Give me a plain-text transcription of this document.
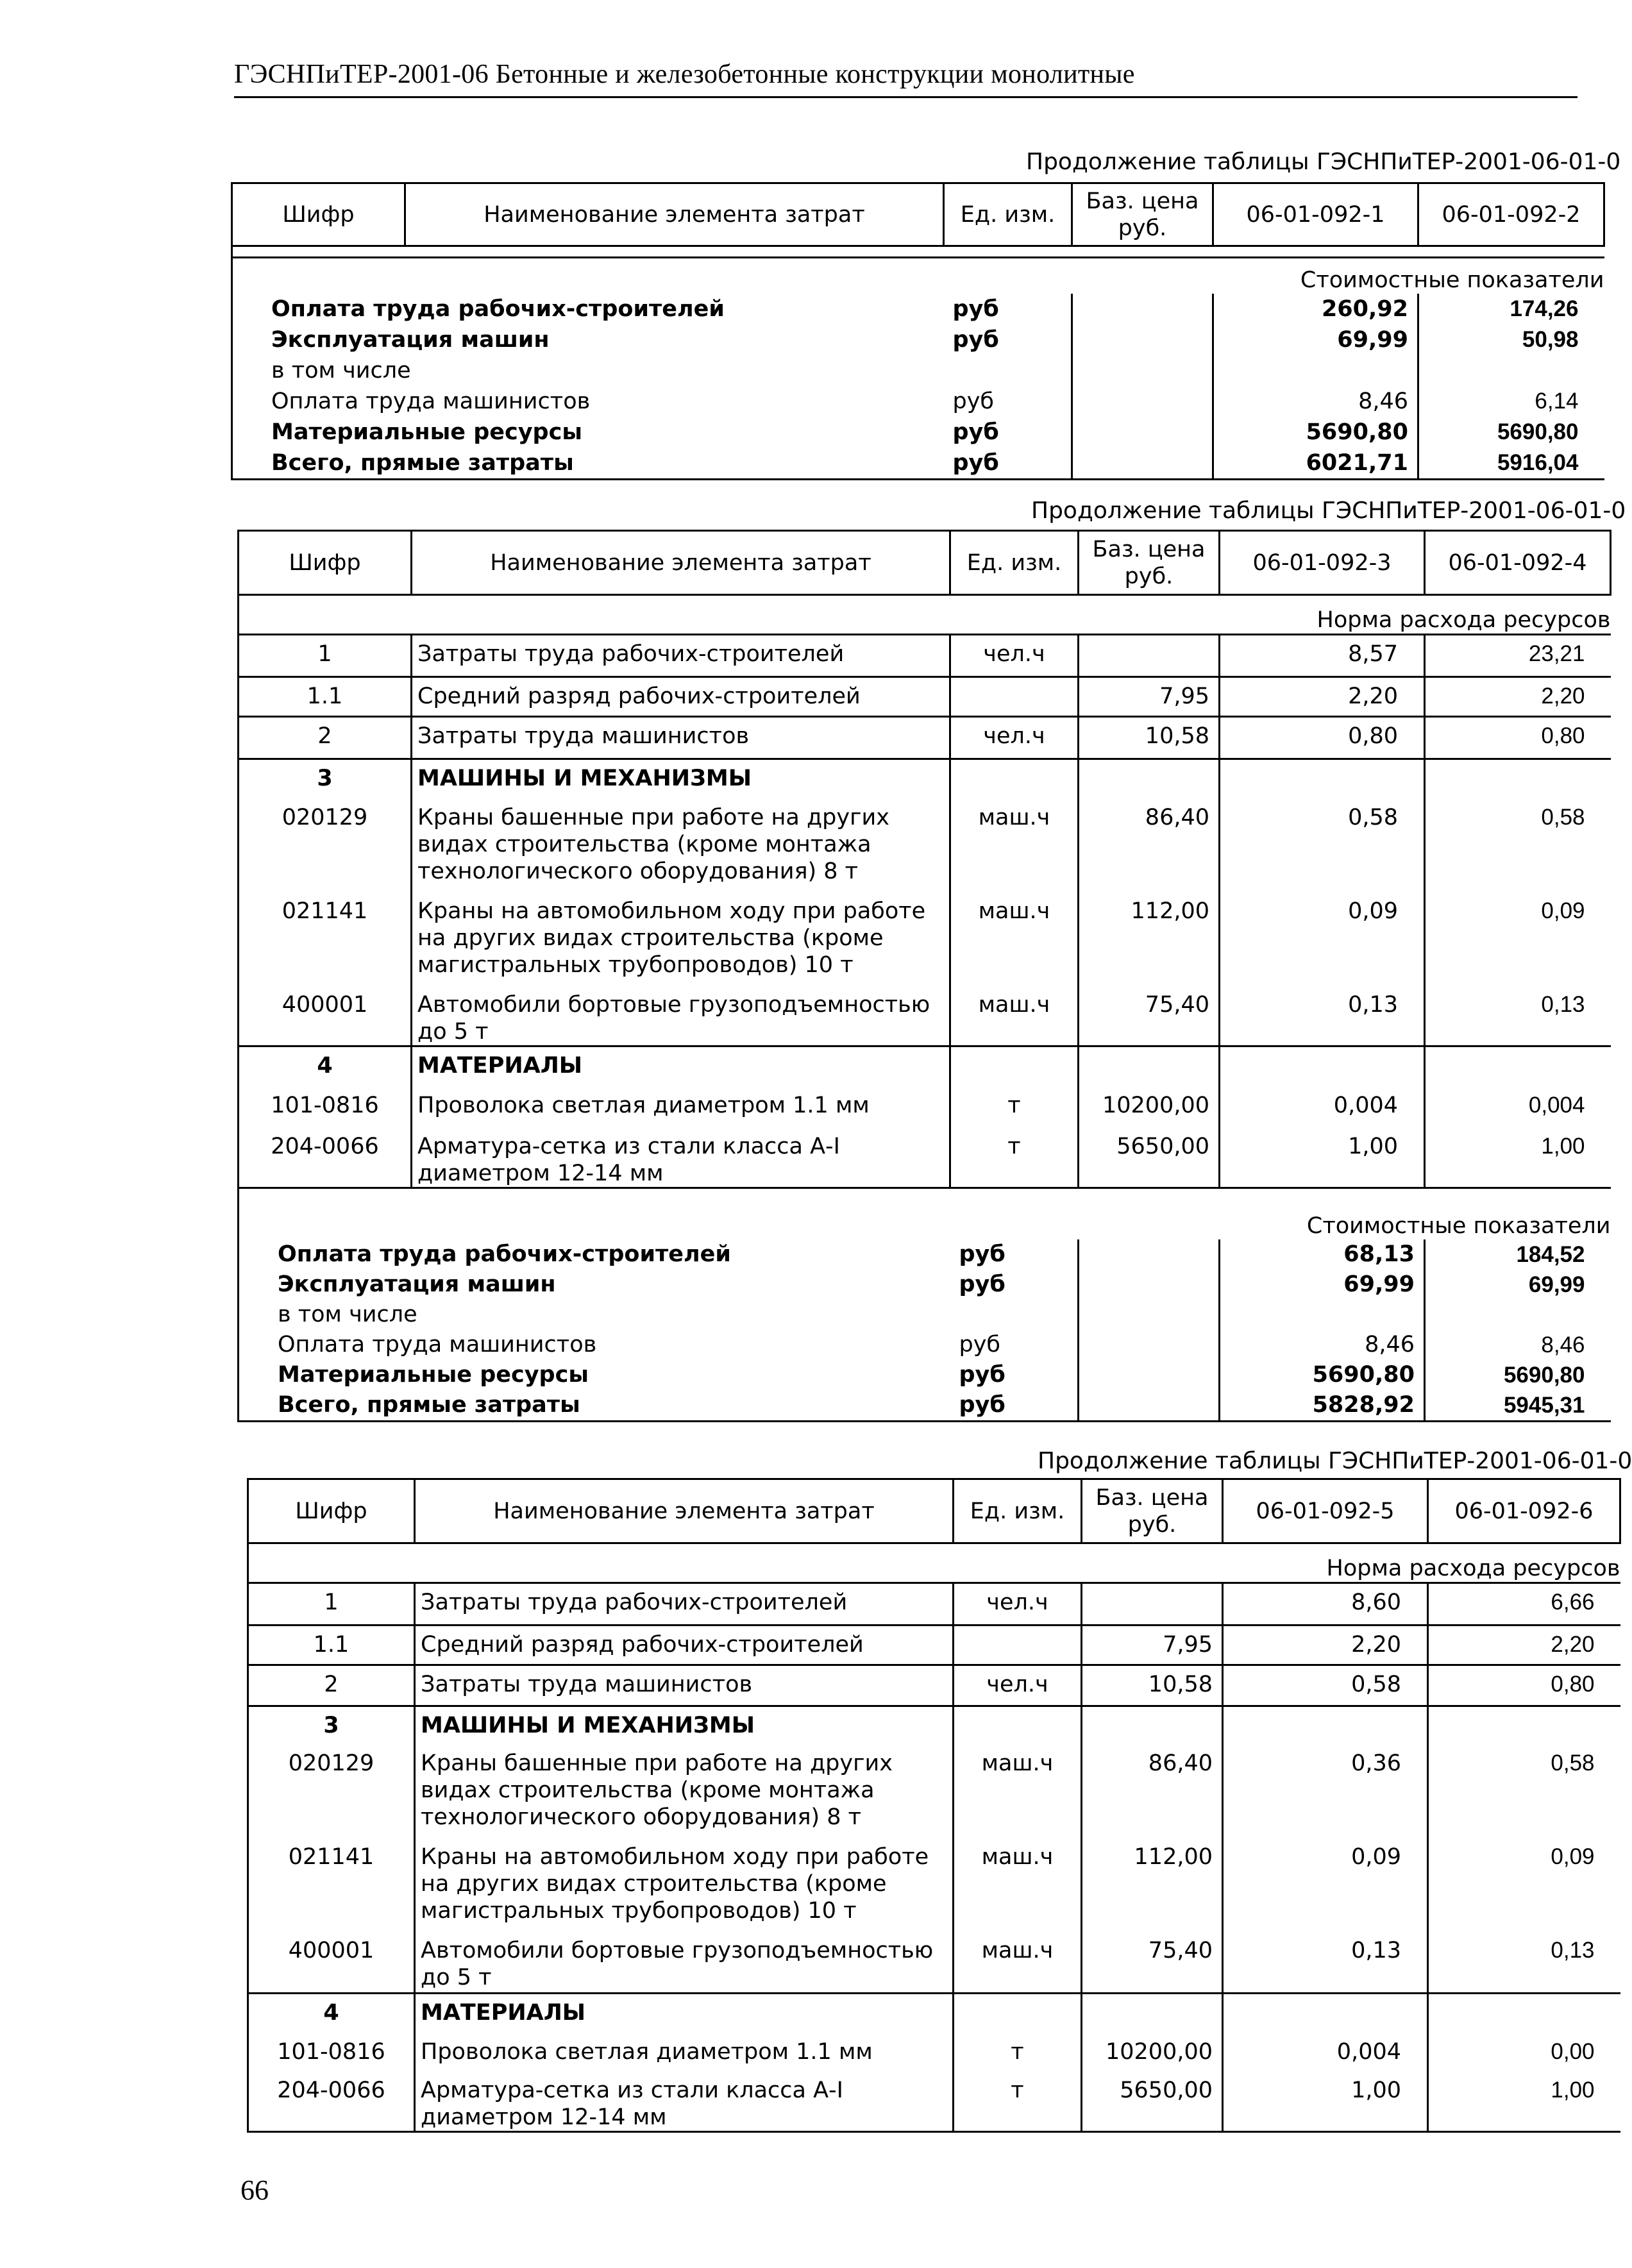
ГЭСНПиТЕР-2001-06 Бетонные и железобетонные конструкции монолитные
Продолжение таблицы ГЭСНПиТЕР-2001-06-01-0
Шифр	Наименование элемента затрат	Ед. изм.	Баз. цена руб.	06-01-092-1	06-01-092-2

Стоимостные показатели					
Оплата труда рабочих-строителей		руб		260,92	174,26
Эксплуатация машин		руб		69,99	50,98
в том числе					
Оплата труда машинистов		руб		8,46	6,14
Материальные ресурсы		руб		5690,80	5690,80
Всего, прямые затраты		руб		6021,71	5916,04
Продолжение таблицы ГЭСНПиТЕР-2001-06-01-0
Шифр	Наименование элемента затрат	Ед. изм.	Баз. цена руб.	06-01-092-3	06-01-092-4
Норма расхода ресурсов					
1	Затраты труда рабочих-строителей	чел.ч		8,57	23,21
1.1	Средний разряд рабочих-строителей		7,95	2,20	2,20
2	Затраты труда машинистов	чел.ч	10,58	0,80	0,80
3	МАШИНЫ И МЕХАНИЗМЫ				
020129	Краны башенные при работе на других видах строительства (кроме монтажа технологического оборудования) 8 т	маш.ч	86,40	0,58	0,58
021141	Краны на автомобильном ходу при работе на других видах строительства (кроме магистральных трубопроводов) 10 т	маш.ч	112,00	0,09	0,09
400001	Автомобили бортовые грузоподъемностью до 5 т	маш.ч	75,40	0,13	0,13
4	МАТЕРИАЛЫ				
101-0816	Проволока светлая диаметром 1.1 мм	т	10200,00	0,004	0,004
204-0066	Арматура-сетка из стали класса А-I диаметром 12-14 мм	т	5650,00	1,00	1,00
Стоимостные показатели					
Оплата труда рабочих-строителей		руб		68,13	184,52
Эксплуатация машин		руб		69,99	69,99
в том числе					
Оплата труда машинистов		руб		8,46	8,46
Материальные ресурсы		руб		5690,80	5690,80
Всего, прямые затраты		руб		5828,92	5945,31
Продолжение таблицы ГЭСНПиТЕР-2001-06-01-0
Шифр	Наименование элемента затрат	Ед. изм.	Баз. цена руб.	06-01-092-5	06-01-092-6
Норма расхода ресурсов					
1	Затраты труда рабочих-строителей	чел.ч		8,60	6,66
1.1	Средний разряд рабочих-строителей		7,95	2,20	2,20
2	Затраты труда машинистов	чел.ч	10,58	0,58	0,80
3	МАШИНЫ И МЕХАНИЗМЫ				
020129	Краны башенные при работе на других видах строительства (кроме монтажа технологического оборудования) 8 т	маш.ч	86,40	0,36	0,58
021141	Краны на автомобильном ходу при работе на других видах строительства (кроме магистральных трубопроводов) 10 т	маш.ч	112,00	0,09	0,09
400001	Автомобили бортовые грузоподъемностью до 5 т	маш.ч	75,40	0,13	0,13
4	МАТЕРИАЛЫ				
101-0816	Проволока светлая диаметром 1.1 мм	т	10200,00	0,004	0,00
204-0066	Арматура-сетка из стали класса А-I диаметром 12-14 мм	т	5650,00	1,00	1,00
66
